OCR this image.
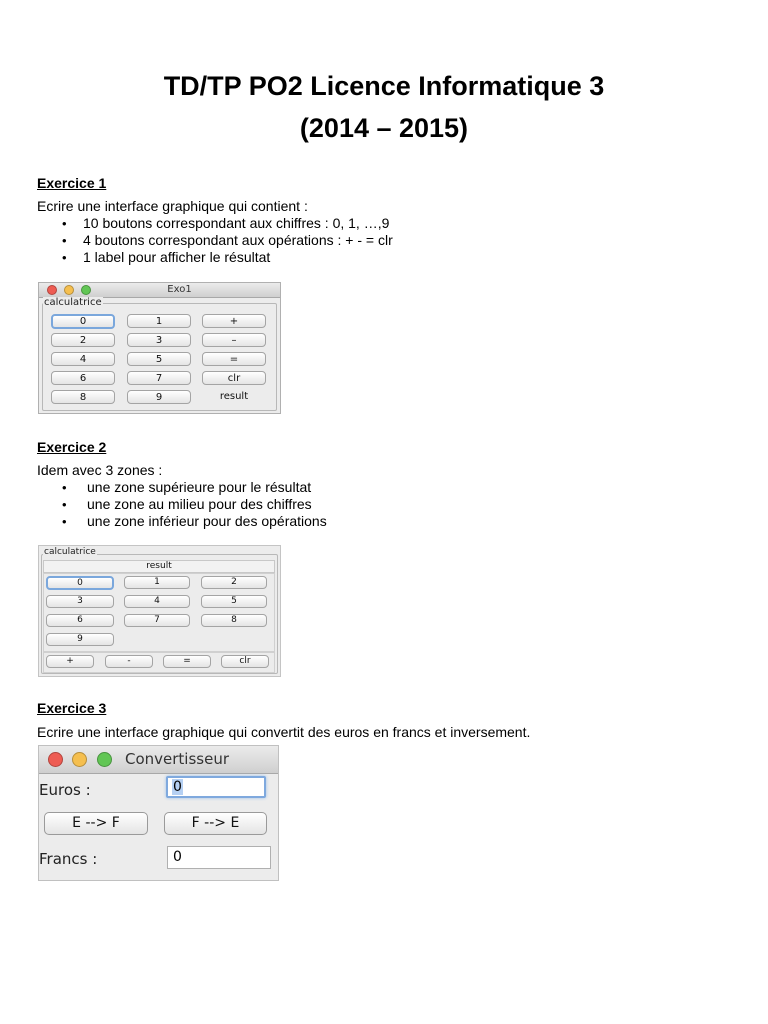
TD/TP PO2 Licence Informatique 3
(2014 – 2015)
Exercice 1
Ecrire une interface graphique qui contient :
• 10 boutons correspondant aux chiffres : 0, 1, …,9
• 4 boutons correspondant aux opérations : + - = clr
• 1 label pour afficher le résultat
Exo1
calculatrice
0	1	+
2	3	–
4	5	=
6	7	clr
8	9	result
Exercice 2
Idem avec 3 zones :
• une zone supérieure pour le résultat
• une zone au milieu pour des chiffres
• une zone inférieur pour des opérations
calculatrice
result
0	1	2
3	4	5
6	7	8
9
+	-	=	clr
Exercice 3
Ecrire une interface graphique qui convertit des euros en francs et inversement.
Convertisseur
Euros :	0
E --> F	F --> E
Francs :	0
